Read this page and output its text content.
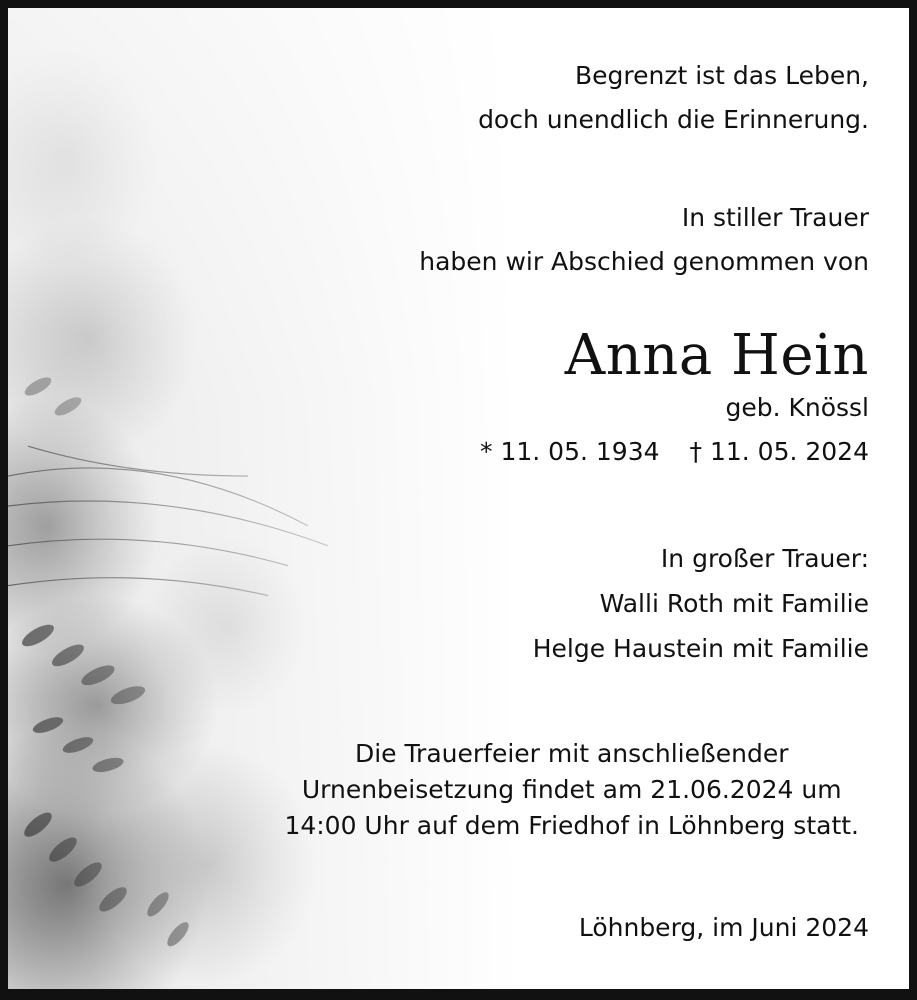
Begrenzt ist das Leben,
doch unendlich die Erinnerung.
In stiller Trauer
haben wir Abschied genommen von
Anna Hein
geb. Knössl
* 11. 05. 1934 † 11. 05. 2024
In großer Trauer:
Walli Roth mit Familie
Helge Haustein mit Familie
Die Trauerfeier mit anschließender
Urnenbeisetzung findet am 21.06.2024 um
14:00 Uhr auf dem Friedhof in Löhnberg statt.
Löhnberg, im Juni 2024
